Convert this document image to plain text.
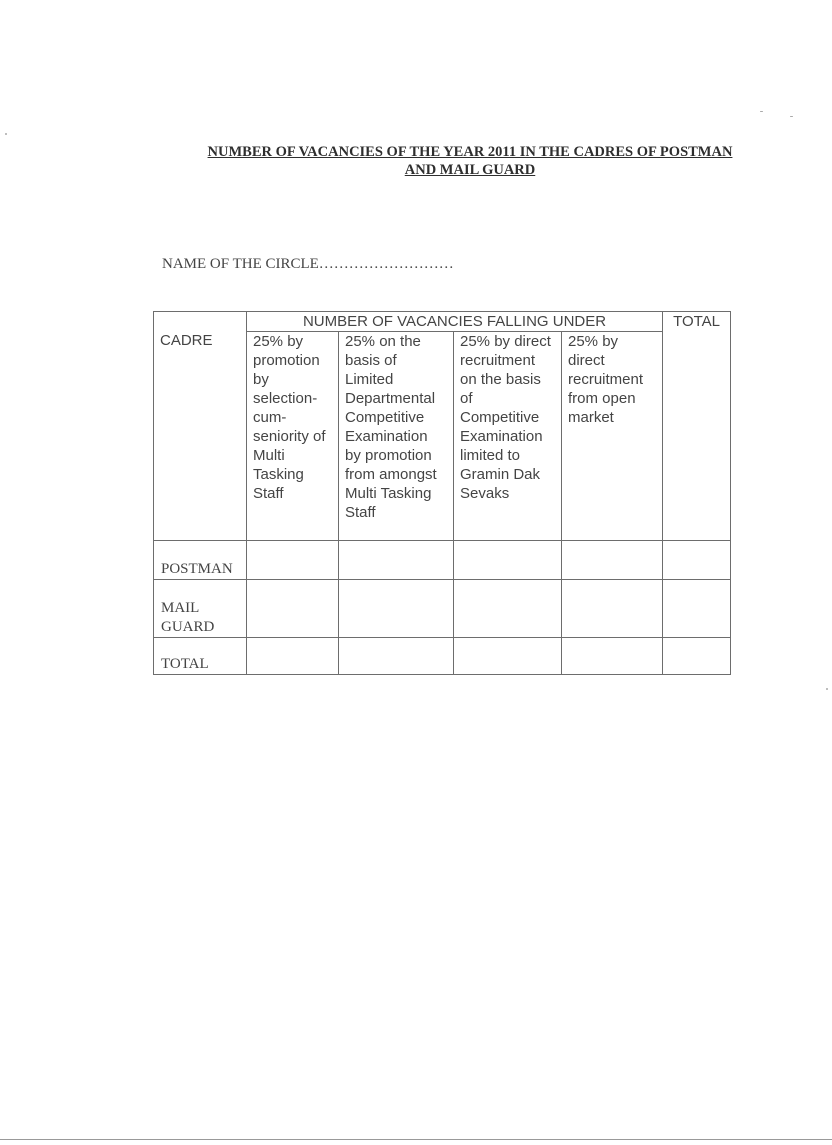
NUMBER OF VACANCIES OF THE YEAR 2011 IN THE CADRES OF POSTMAN
AND MAIL GUARD
NAME OF THE CIRCLE………………………
CADRE	NUMBER OF VACANCIES FALLING UNDER				TOTAL
	25% by promotion by selection-cum-seniority of Multi Tasking Staff	25% on the basis of Limited Departmental Competitive Examination by promotion from amongst Multi Tasking Staff	25% by direct recruitment on the basis of Competitive Examination limited to Gramin Dak Sevaks	25% by direct recruitment from open market	
POSTMAN					
MAIL GUARD					
TOTAL					
